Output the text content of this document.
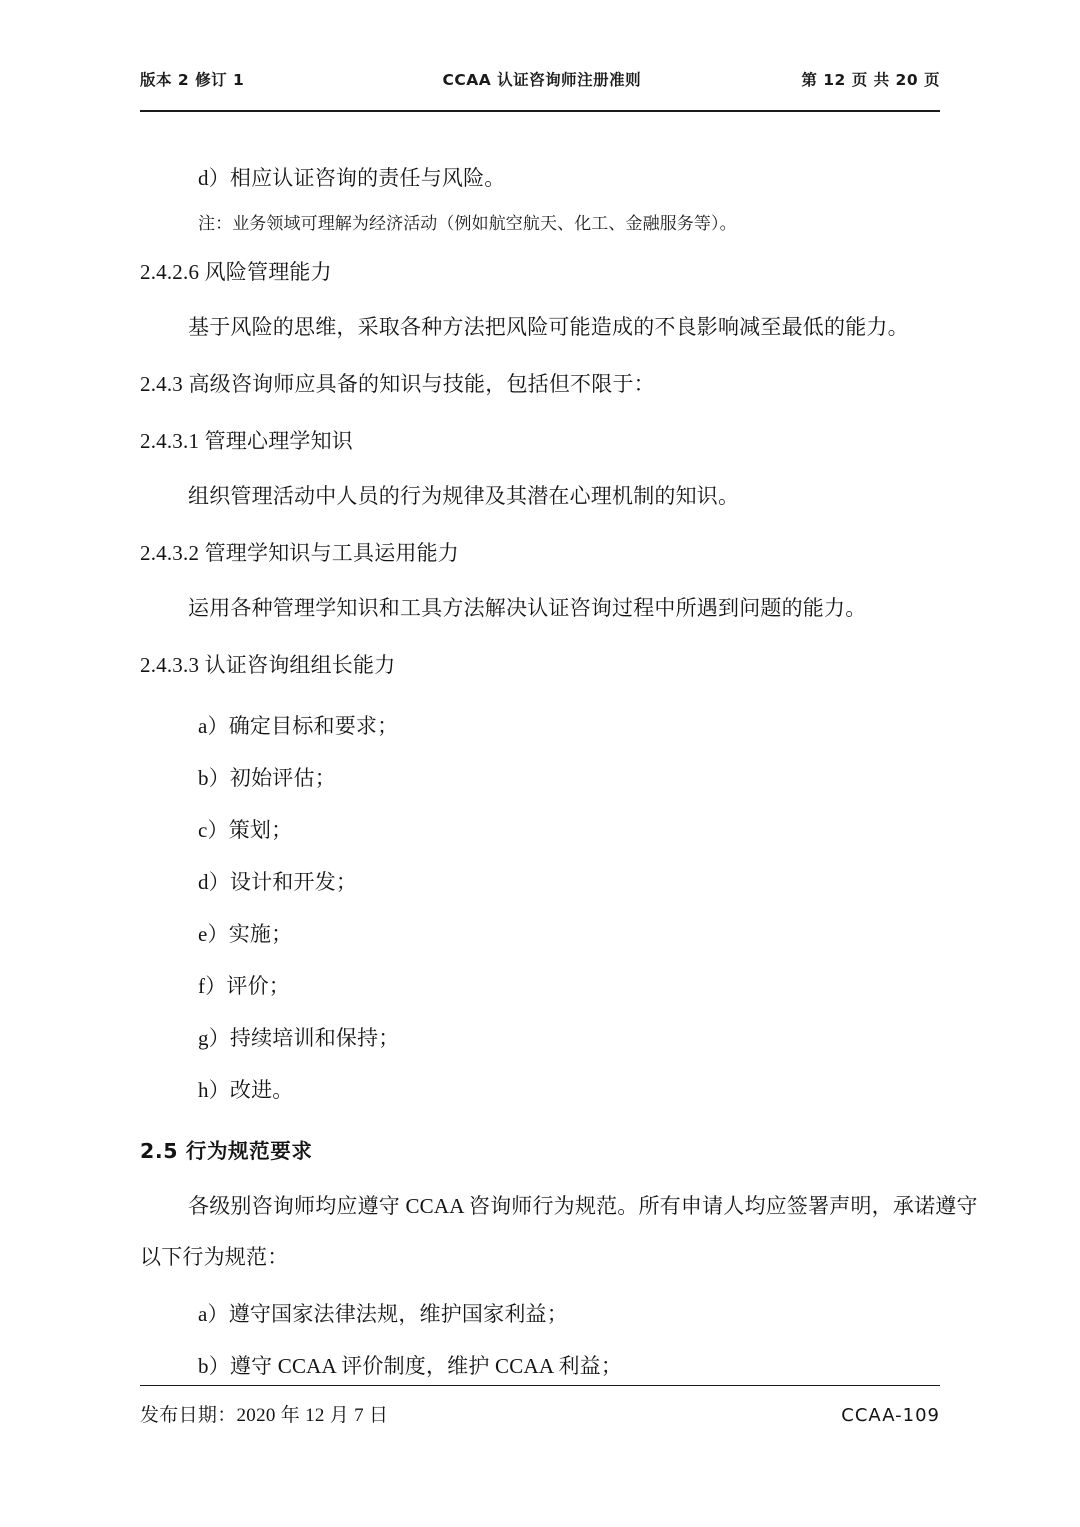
版本 2 修订 1	CCAA 认证咨询师注册准则	第 12 页 共 20 页
d）相应认证咨询的责任与风险。
注：业务领域可理解为经济活动（例如航空航天、化工、金融服务等）。
2.4.2.6 风险管理能力
基于风险的思维，采取各种方法把风险可能造成的不良影响减至最低的能力。
2.4.3 高级咨询师应具备的知识与技能，包括但不限于：
2.4.3.1 管理心理学知识
组织管理活动中人员的行为规律及其潜在心理机制的知识。
2.4.3.2 管理学知识与工具运用能力
运用各种管理学知识和工具方法解决认证咨询过程中所遇到问题的能力。
2.4.3.3 认证咨询组组长能力
a）确定目标和要求；
b）初始评估；
c）策划；
d）设计和开发；
e）实施；
f）评价；
g）持续培训和保持；
h）改进。
2.5 行为规范要求
各级别咨询师均应遵守 CCAA 咨询师行为规范。所有申请人均应签署声明，承诺遵守
以下行为规范：
a）遵守国家法律法规，维护国家利益；
b）遵守 CCAA 评价制度，维护 CCAA 利益；
发布日期：2020 年 12 月 7 日	CCAA-109
